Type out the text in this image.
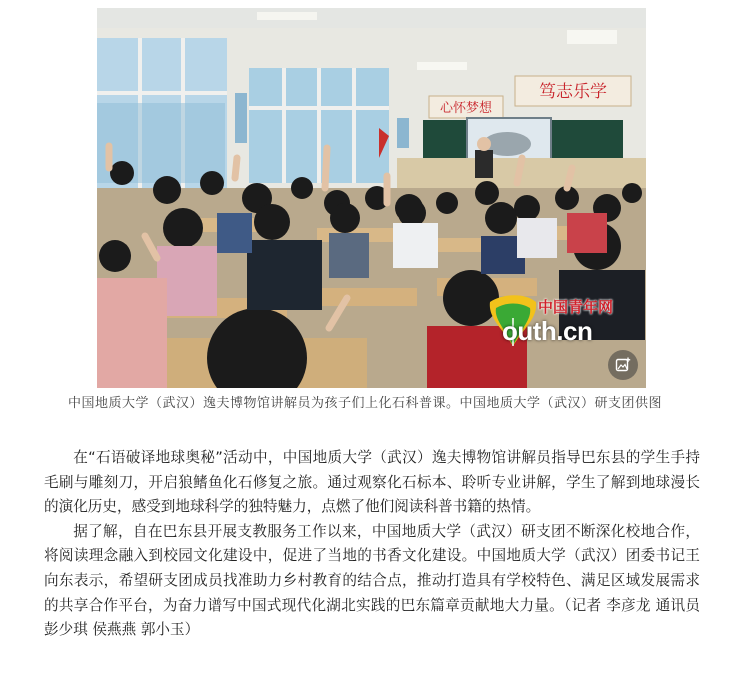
心怀梦想
笃志乐学
中国青年网
outh.cn
中国地质大学（武汉）逸夫博物馆讲解员为孩子们上化石科普课。中国地质大学（武汉）研支团供图

在“石语破译地球奥秘”活动中，中国地质大学（武汉）逸夫博物馆讲解员指导巴东县的学生手持毛刷与雕刻刀，开启狼鳍鱼化石修复之旅。通过观察化石标本、聆听专业讲解，学生了解到地球漫长的演化历史，感受到地球科学的独特魅力，点燃了他们阅读科普书籍的热情。

据了解，自在巴东县开展支教服务工作以来，中国地质大学（武汉）研支团不断深化校地合作，将阅读理念融入到校园文化建设中，促进了当地的书香文化建设。中国地质大学（武汉）团委书记王向东表示，希望研支团成员找准助力乡村教育的结合点，推动打造具有学校特色、满足区域发展需求的共享合作平台，为奋力谱写中国式现代化湖北实践的巴东篇章贡献地大力量。（记者 李彦龙 通讯员 彭少琪 侯燕燕 郭小玉）
